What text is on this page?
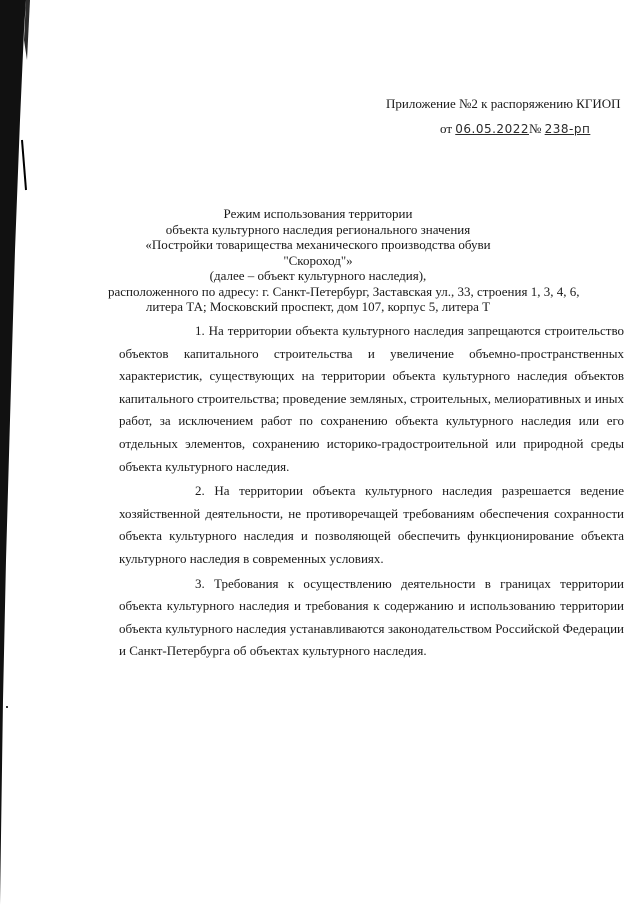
Приложение №2 к распоряжению КГИОП
от 06.05.2022№ 238-рп
Режим использования территории
объекта культурного наследия регионального значения
«Постройки товарищества механического производства обуви "Скороход"»
(далее – объект культурного наследия),
расположенного по адресу: г. Санкт-Петербург, Заставская ул., 33, строения 1, 3, 4, 6,
литера ТА; Московский проспект, дом 107, корпус 5, литера Т

1. На территории объекта культурного наследия запрещаются строительство объектов капитального строительства и увеличение объемно-пространственных характеристик, существующих на территории объекта культурного наследия объектов капитального строительства; проведение земляных, строительных, мелиоративных и иных работ, за исключением работ по сохранению объекта культурного наследия или его отдельных элементов, сохранению историко-градостроительной или природной среды объекта культурного наследия.

2. На территории объекта культурного наследия разрешается ведение хозяйственной деятельности, не противоречащей требованиям обеспечения сохранности объекта культурного наследия и позволяющей обеспечить функционирование объекта культурного наследия в современных условиях.

3. Требования к осуществлению деятельности в границах территории объекта культурного наследия и требования к содержанию и использованию территории объекта культурного наследия устанавливаются законодательством Российской Федерации и Санкт-Петербурга об объектах культурного наследия.
